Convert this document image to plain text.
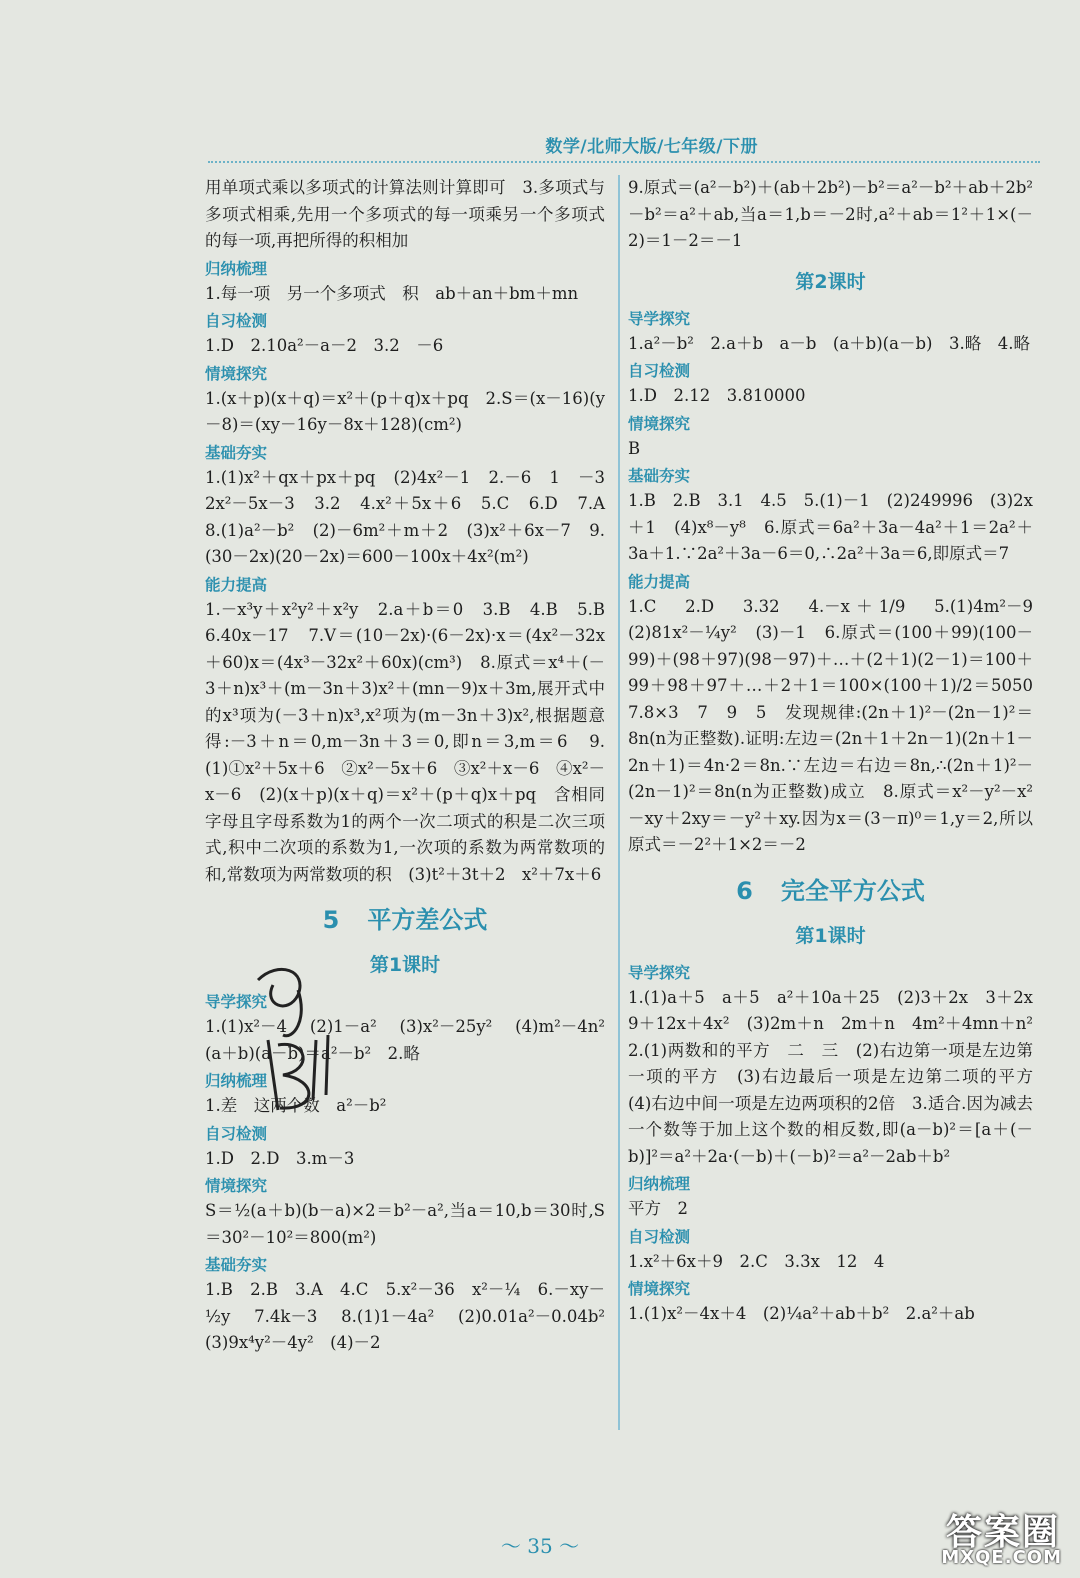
数学/北师大版/七年级/下册
用单项式乘以多项式的计算法则计算即可　3.多项式与多项式相乘,先用一个多项式的每一项乘另一个多项式的每一项,再把所得的积相加
归纳梳理
1.每一项　另一个多项式　积　ab＋an＋bm＋mn
自习检测
1.D　2.10a²－a－2　3.2　－6
情境探究
1.(x＋p)(x＋q)＝x²＋(p＋q)x＋pq　2.S＝(x－16)(y－8)＝(xy－16y－8x＋128)(cm²)
基础夯实
1.(1)x²＋qx＋px＋pq　(2)4x²－1　2.－6　1　－3　2x²－5x－3　3.2　4.x²＋5x＋6　5.C　6.D　7.A　8.(1)a²－b²　(2)－6m²＋m＋2　(3)x²＋6x－7　9.(30－2x)(20－2x)＝600－100x＋4x²(m²)
能力提高
1.－x³y＋x²y²＋x²y　2.a＋b＝0　3.B　4.B　5.B　6.40x－17　7.V＝(10－2x)·(6－2x)·x＝(4x²－32x＋60)x＝(4x³－32x²＋60x)(cm³)　8.原式＝x⁴＋(－3＋n)x³＋(m－3n＋3)x²＋(mn－9)x＋3m,展开式中的x³项为(－3＋n)x³,x²项为(m－3n＋3)x²,根据题意得:－3＋n＝0,m－3n＋3＝0,即n＝3,m＝6　9.(1)①x²＋5x＋6　②x²－5x＋6　③x²＋x－6　④x²－x－6　(2)(x＋p)(x＋q)＝x²＋(p＋q)x＋pq　含相同字母且字母系数为1的两个一次二项式的积是二次三项式,积中二次项的系数为1,一次项的系数为两常数项的和,常数项为两常数项的积　(3)t²＋3t＋2　x²＋7x＋6
5 平方差公式
第1课时
导学探究
1.(1)x²－4　(2)1－a²　(3)x²－25y²　(4)m²－4n²　(a＋b)(a－b)＝a²－b²　2.略
归纳梳理
1.差　这两个数　a²－b²
自习检测
1.D　2.D　3.m－3
情境探究
S＝½(a＋b)(b－a)×2＝b²－a²,当a＝10,b＝30时,S＝30²－10²＝800(m²)
基础夯实
1.B　2.B　3.A　4.C　5.x²－36　x²－¼　6.－xy－½y　7.4k－3　8.(1)1－4a²　(2)0.01a²－0.04b²　(3)9x⁴y²－4y²　(4)－2
9.原式＝(a²－b²)＋(ab＋2b²)－b²＝a²－b²＋ab＋2b²－b²＝a²＋ab,当a＝1,b＝－2时,a²＋ab＝1²＋1×(－2)＝1－2＝－1
第2课时
导学探究
1.a²－b²　2.a＋b　a－b　(a＋b)(a－b)　3.略　4.略
自习检测
1.D　2.12　3.810000
情境探究
B
基础夯实
1.B　2.B　3.1　4.5　5.(1)－1　(2)249996　(3)2x＋1　(4)x⁸－y⁸　6.原式＝6a²＋3a－4a²＋1＝2a²＋3a＋1.∵2a²＋3a－6＝0,∴2a²＋3a＝6,即原式＝7
能力提高
1.C　2.D　3.32　4.－x＋1/9　5.(1)4m²－9　(2)81x²－¼y²　(3)－1　6.原式＝(100＋99)(100－99)＋(98＋97)(98－97)＋…＋(2＋1)(2－1)＝100＋99＋98＋97＋…＋2＋1＝100×(100＋1)/2＝5050　7.8×3　7　9　5　发现规律:(2n＋1)²－(2n－1)²＝8n(n为正整数).证明:左边＝(2n＋1＋2n－1)(2n＋1－2n＋1)＝4n·2＝8n.∵左边＝右边＝8n,∴(2n＋1)²－(2n－1)²＝8n(n为正整数)成立　8.原式＝x²－y²－x²－xy＋2xy＝－y²＋xy.因为x＝(3－π)⁰＝1,y＝2,所以原式＝－2²＋1×2＝－2
6 完全平方公式
第1课时
导学探究
1.(1)a＋5　a＋5　a²＋10a＋25　(2)3＋2x　3＋2x　9＋12x＋4x²　(3)2m＋n　2m＋n　4m²＋4mn＋n²　2.(1)两数和的平方　二　三　(2)右边第一项是左边第一项的平方　(3)右边最后一项是左边第二项的平方　(4)右边中间一项是左边两项积的2倍　3.适合.因为减去一个数等于加上这个数的相反数,即(a－b)²＝[a＋(－b)]²＝a²＋2a·(－b)＋(－b)²＝a²－2ab＋b²
归纳梳理
平方　2
自习检测
1.x²＋6x＋9　2.C　3.3x　12　4
情境探究
1.(1)x²－4x＋4　(2)¼a²＋ab＋b²　2.a²＋ab
～ 35 ～	答案圈
MXQE.COM
